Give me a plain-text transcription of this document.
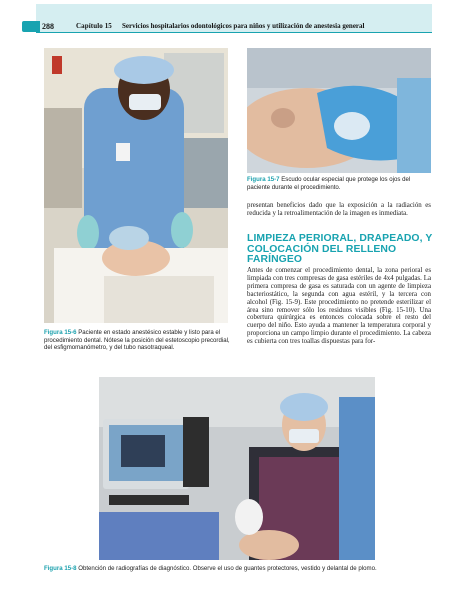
288	Capítulo 15 Servicios hospitalarios odontológicos para niños y utilización de anestesia general
Figura 15-6 Paciente en estado anestésico estable y listo para el procedimiento dental. Nótese la posición del estetoscopio precordial, del esfigmomanómetro, y del tubo nasotraqueal.
Figura 15-7 Escudo ocular especial que protege los ojos del paciente durante el procedimiento.
presentan beneficios dado que la exposición a la radiación es reducida y la retroalimentación de la imagen es inmediata.
LIMPIEZA PERIORAL, DRAPEADO, Y COLOCACIÓN DEL RELLENO FARÍNGEO
Antes de comenzar el procedimiento dental, la zona perioral es limpiada con tres compresas de gasa estériles de 4x4 pulgadas. La primera compresa de gasa es saturada con un agente de limpieza bacteriostático, la segunda con agua estéril, y la tercera con alcohol (Fig. 15-9). Este procedimiento no pretende esterilizar el área sino remover sólo los residuos visibles (Fig. 15-10). Una cobertura quirúrgica es entonces colocada sobre el resto del cuerpo del niño. Esto ayuda a mantener la temperatura corporal y proporciona un campo limpio durante el procedimiento. La cabeza es cubierta con tres toallas dispuestas para for-
Figura 15-8 Obtención de radiografías de diagnóstico. Observe el uso de guantes protectores, vestido y delantal de plomo.
